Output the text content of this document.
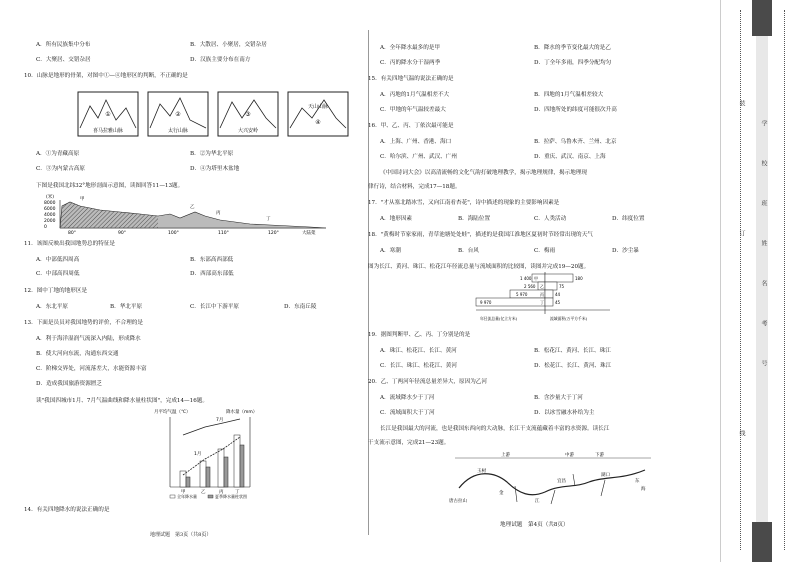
A．所有民族集中分布	B．大散居、小聚居，交错杂居
C．大聚居、交错杂居	D．汉族主要分布在南方
10．山脉是地形的骨架，对图中①—④地形区的判断，不正确的是
A．①为青藏高原	B．②为华北平原
C．③为内蒙古高原	D．④为塔里木盆地
下图是我国北纬32°地形剖面示意图，读图回答11—13题。
11．该图反映出我国地势总的特征是
A．中部低四周高	B．东部高西部低
C．中部高四周低	D．西部高东部低
12．图中丁地的地形区是
A．东北平原	B．华北平原	C．长江中下游平原	D．东南丘陵
13．下面是员员对我国地势的评价，不合理的是
A．利于海洋湿润气流深入内陆，形成降水
B．使大河向东流，沟通东西交通
C．阶梯交界处，河流落差大，水能资源丰富
D．造成我国旅游资源匮乏
读"我国四城市1月、7月气温曲线和降水量柱状图"，完成14—16题。
14．有关四地降水的说法正确的是
A．全年降水最多的是甲	B．降水的季节变化最大的是乙
C．丙的降水分干湿两季	D．丁全年多雨，四季分配均匀
15．有关四地气温的说法正确的是
A．丙地的1月气温相差不大	B．四地的1月气温相差较大
C．甲地的年气温较差最大	D．四地所处的纬度可能很次升高
16．甲、乙、丙、丁依次最可能是
A．上海、广州、香港、海口	B．拉萨、乌鲁木齐、兰州、北京
C．哈尔滨、广州、武汉、广州	D．重庆、武汉、南京、上海
《中国诗词大会》以高清流畅的文化气韵打破地理教学，揭示地理规律，揭示地理现
律行诗，结合材料，完成17—18题。
17．"才从塞北踏冰雪，又向江南看杏花"，诗中描述的现象的主要影响因素是
A．地形因素	B．海陆位置	C．人类活动	D．纬度位置
18．"黄梅时节家家雨，青草池塘处处蛙"，描述的是我国江淮地区夏初时节经常出现的天气
A．寒潮	B．台风	C．梅雨	D．沙尘暴
图为长江、黄河、珠江、松花江年径流总量与流域面积的比较图，读图并完成19—20题。
19．据图判断甲、乙、丙、丁分别是的是
A．珠江、松花江、长江、黄河	B．松花江、黄河、长江、珠江
C．长江、珠江、松花江、黄河	D．松花江、长江、黄河、珠江
20．乙、丁两河年径流总量差异大，原因为乙河
A．流域降水少于丁河	B．含沙量大于丁河
C．流域面积大于丁河	D．以冰雪融水补给为主
长江是我国最大的河流，也是我国东西向的大动脉，长江干支流蕴藏着丰富的水资源。读长江
干支流示意图，完成21—23题。
地理试题　第4页（共8页）
①
喜马拉雅山脉
②
太行山脉
③
大兴安岭
天山山脉
④
(米)
8000
6000
4000
2000
0
甲
乙
丙
丁
大陆架
80°	90°	100°	110°	120°
月平均气温（℃）	降水量（mm）
7月
1月
甲	乙	丙	丁
全年降水量	夏季降水量柱状图
9 970
5 970
2 560
1 400	180
75
44
45
甲
乙
丙
丁
年径流总量(亿立方米)	流域面积(万平方千米)
上游	中游	下游
玉树
宜昌
湖口
唐古拉山
金
江
东
海
地理试题　第3页（共8页）
学
校
班
姓
名
考
号
装
订
线
